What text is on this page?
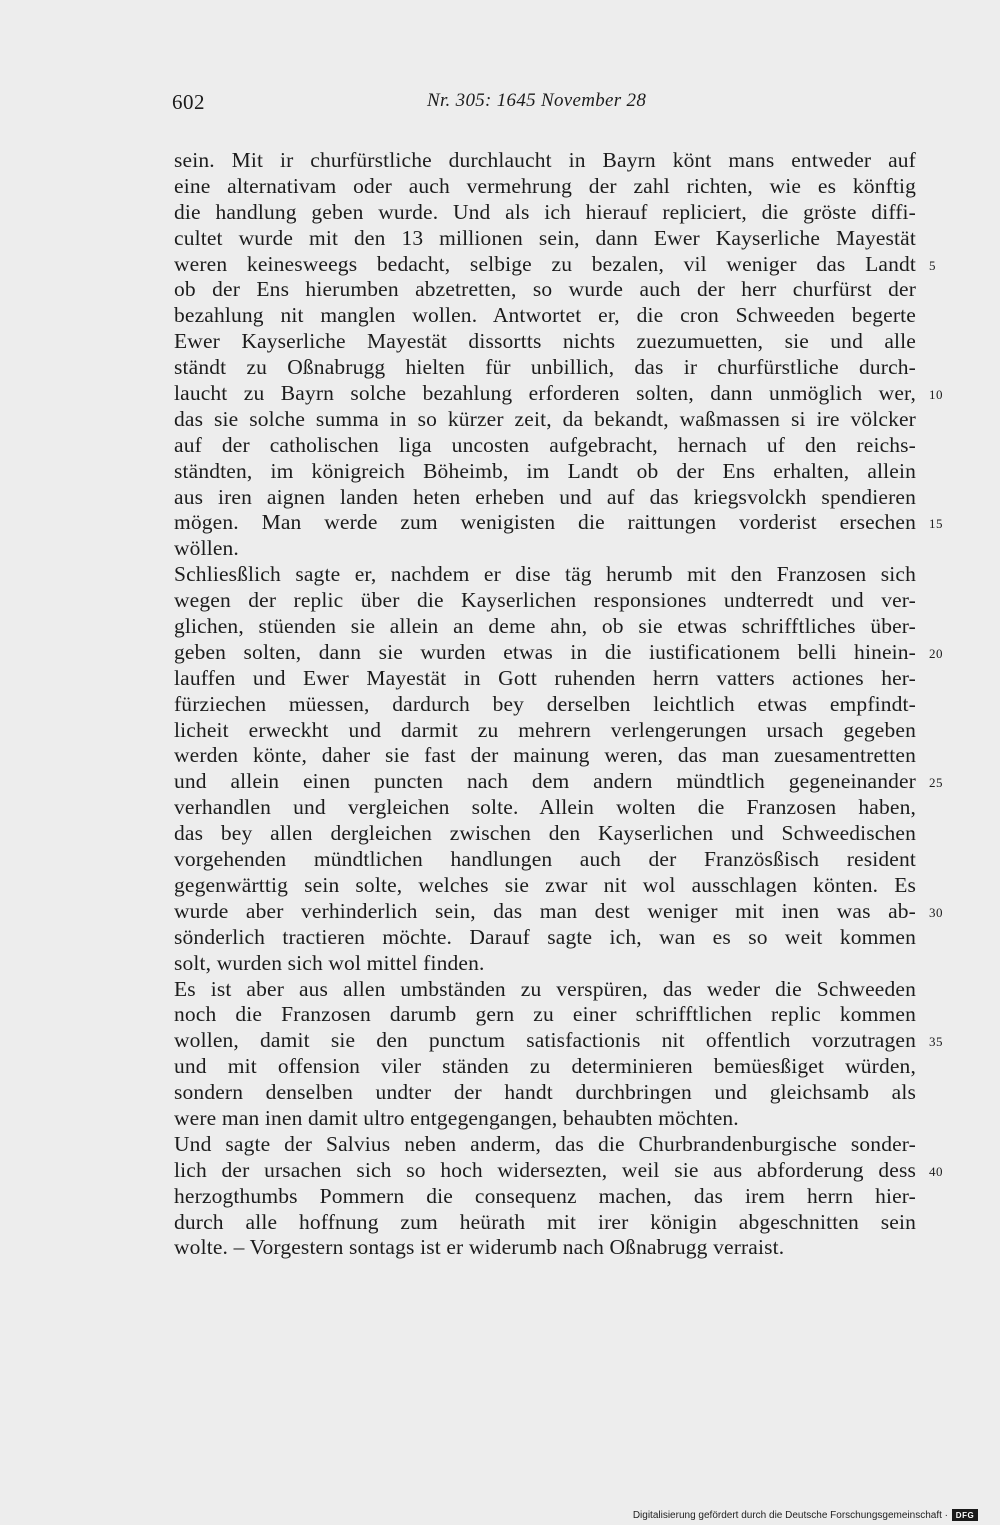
602	Nr. 305: 1645 November 28
sein. Mit ir churfürstliche durchlaucht in Bayrn könt mans entweder auf
eine alternativam oder auch vermehrung der zahl richten, wie es könftig
die handlung geben wurde. Und als ich hierauf repliciert, die gröste diffi-
cultet wurde mit den 13 millionen sein, dann Ewer Kayserliche Mayestät
weren keinesweegs bedacht, selbige zu bezalen, vil weniger das Landt 5
ob der Ens hierumben abzetretten, so wurde auch der herr churfürst der
bezahlung nit manglen wollen. Antwortet er, die cron Schweeden begerte
Ewer Kayserliche Mayestät dissortts nichts zuezumuetten, sie und alle
ständt zu Oßnabrugg hielten für unbillich, das ir churfürstliche durch-
laucht zu Bayrn solche bezahlung erforderen solten, dann unmöglich wer, 10
das sie solche summa in so kürzer zeit, da bekandt, waßmassen si ire völcker
auf der catholischen liga uncosten aufgebracht, hernach uf den reichs-
ständten, im königreich Böheimb, im Landt ob der Ens erhalten, allein
aus iren aignen landen heten erheben und auf das kriegsvolckh spendieren
mögen. Man werde zum wenigisten die raittungen vorderist ersechen 15
wöllen.
Schliesßlich sagte er, nachdem er dise täg herumb mit den Franzosen sich
wegen der replic über die Kayserlichen responsiones undterredt und ver-
glichen, stüenden sie allein an deme ahn, ob sie etwas schrifftliches über-
geben solten, dann sie wurden etwas in die iustificationem belli hinein- 20
lauffen und Ewer Mayestät in Gott ruhenden herrn vatters actiones her-
fürziechen müessen, dardurch bey derselben leichtlich etwas empfindt-
licheit erweckht und darmit zu mehrern verlengerungen ursach gegeben
werden könte, daher sie fast der mainung weren, das man zuesamentretten
und allein einen puncten nach dem andern mündtlich gegeneinander 25
verhandlen und vergleichen solte. Allein wolten die Franzosen haben,
das bey allen dergleichen zwischen den Kayserlichen und Schweedischen
vorgehenden mündtlichen handlungen auch der Französßisch resident
gegenwärttig sein solte, welches sie zwar nit wol ausschlagen könten. Es
wurde aber verhinderlich sein, das man dest weniger mit inen was ab- 30
sönderlich tractieren möchte. Darauf sagte ich, wan es so weit kommen
solt, wurden sich wol mittel finden.
Es ist aber aus allen umbständen zu verspüren, das weder die Schweeden
noch die Franzosen darumb gern zu einer schrifftlichen replic kommen
wollen, damit sie den punctum satisfactionis nit offentlich vorzutragen 35
und mit offension viler ständen zu determinieren bemüesßiget würden,
sondern denselben undter der handt durchbringen und gleichsamb als
were man inen damit ultro entgegengangen, behaubten möchten.
Und sagte der Salvius neben anderm, das die Churbrandenburgische sonder-
lich der ursachen sich so hoch widersezten, weil sie aus abforderung dess 40
herzogthumbs Pommern die consequenz machen, das irem herrn hier-
durch alle hoffnung zum heürath mit irer königin abgeschnitten sein
wolte. – Vorgestern sontags ist er widerumb nach Oßnabrugg verraist.
Digitalisierung gefördert durch die Deutsche Forschungsgemeinschaft · DFG
